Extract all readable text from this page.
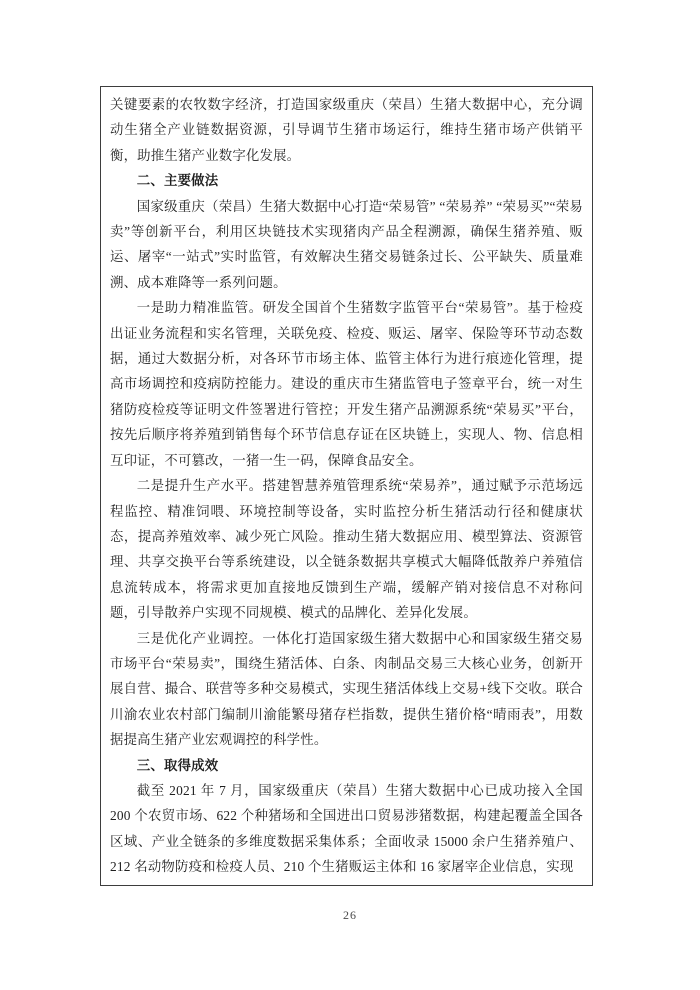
关键要素的农牧数字经济，打造国家级重庆（荣昌）生猪大数据中心，充分调动生猪全产业链数据资源，引导调节生猪市场运行，维持生猪市场产供销平衡，助推生猪产业数字化发展。
二、主要做法
国家级重庆（荣昌）生猪大数据中心打造“荣易管” “荣易养” “荣易买”“荣易卖”等创新平台，利用区块链技术实现猪肉产品全程溯源，确保生猪养殖、贩运、屠宰“一站式”实时监管，有效解决生猪交易链条过长、公平缺失、质量难溯、成本难降等一系列问题。
一是助力精准监管。研发全国首个生猪数字监管平台“荣易管”。基于检疫出证业务流程和实名管理，关联免疫、检疫、贩运、屠宰、保险等环节动态数据，通过大数据分析，对各环节市场主体、监管主体行为进行痕迹化管理，提高市场调控和疫病防控能力。建设的重庆市生猪监管电子签章平台，统一对生猪防疫检疫等证明文件签署进行管控；开发生猪产品溯源系统“荣易买”平台，按先后顺序将养殖到销售每个环节信息存证在区块链上，实现人、物、信息相互印证，不可篡改，一猪一生一码，保障食品安全。
二是提升生产水平。搭建智慧养殖管理系统“荣易养”，通过赋予示范场远程监控、精准饲喂、环境控制等设备，实时监控分析生猪活动行径和健康状态，提高养殖效率、减少死亡风险。推动生猪大数据应用、模型算法、资源管理、共享交换平台等系统建设，以全链条数据共享模式大幅降低散养户养殖信息流转成本，将需求更加直接地反馈到生产端，缓解产销对接信息不对称问题，引导散养户实现不同规模、模式的品牌化、差异化发展。
三是优化产业调控。一体化打造国家级生猪大数据中心和国家级生猪交易市场平台“荣易卖”，围绕生猪活体、白条、肉制品交易三大核心业务，创新开展自营、撮合、联营等多种交易模式，实现生猪活体线上交易+线下交收。联合川渝农业农村部门编制川渝能繁母猪存栏指数，提供生猪价格“晴雨表”，用数据提高生猪产业宏观调控的科学性。
三、取得成效
截至 2021 年 7 月，国家级重庆（荣昌）生猪大数据中心已成功接入全国 200 个农贸市场、622 个种猪场和全国进出口贸易涉猪数据，构建起覆盖全国各区域、产业全链条的多维度数据采集体系；全面收录 15000 余户生猪养殖户、212 名动物防疫和检疫人员、210 个生猪贩运主体和 16 家屠宰企业信息，实现
26
